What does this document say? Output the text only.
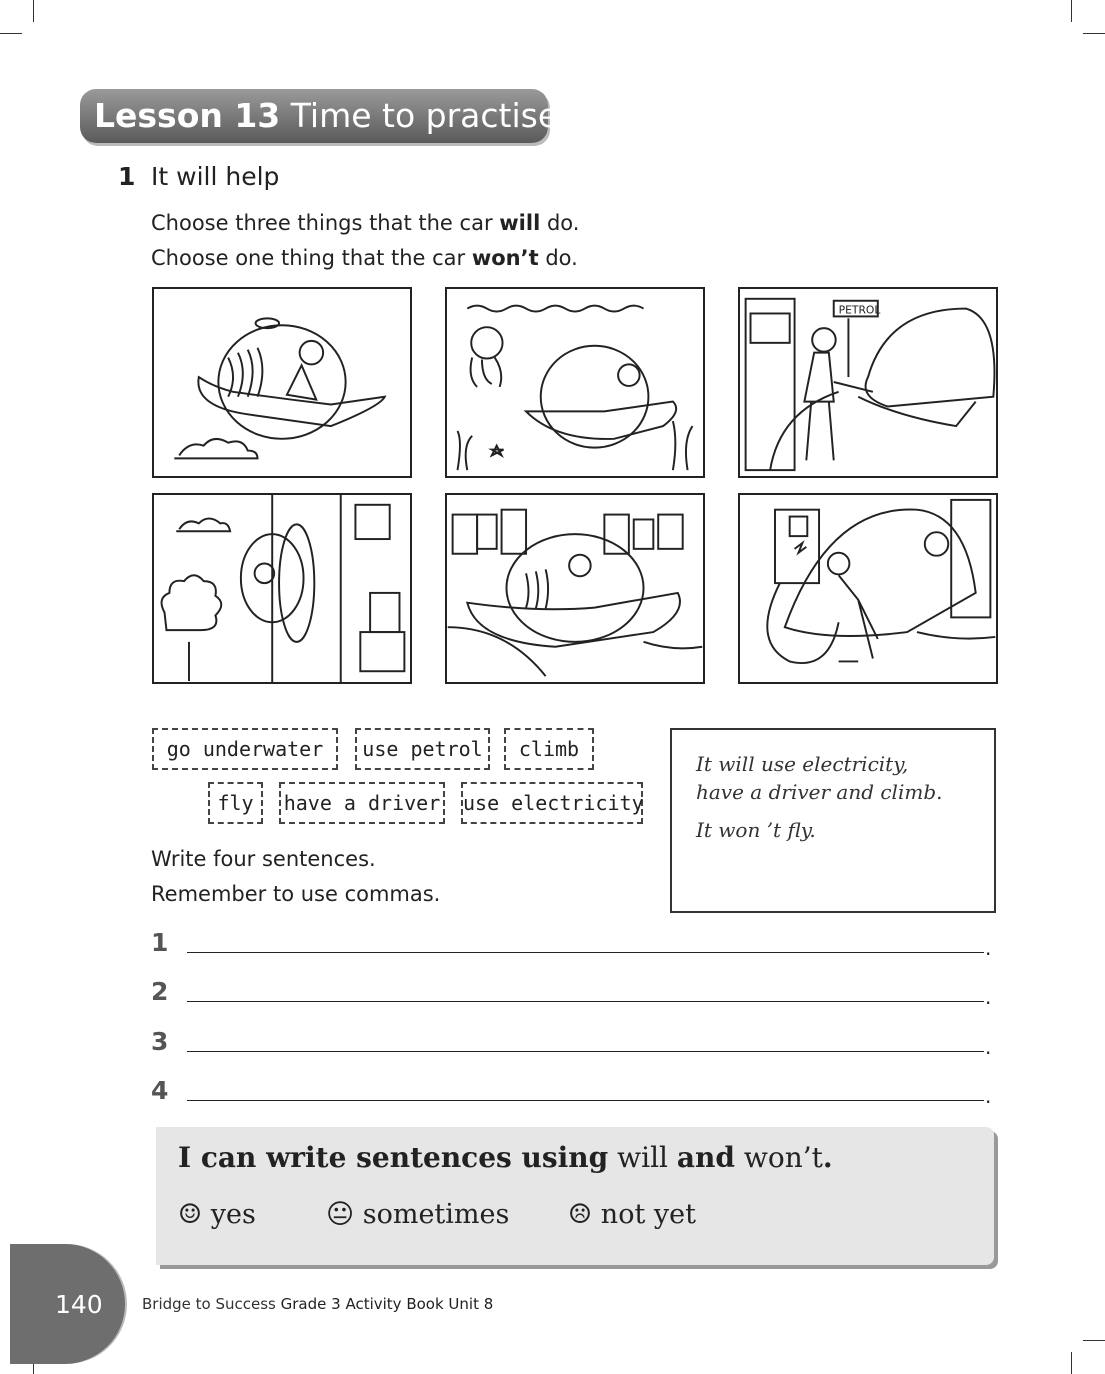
Lesson 13 Time to practise
1 It will help
Choose three things that the car will do.
Choose one thing that the car won’t do.
PETROL
go underwater	use petrol	climb
fly	have a driver use electricity

It will use electricity,
have a driver and climb.

It won ’t fly.

Write four sentences.
Remember to use commas.
1	.
2	.
3	.
4	.
I can write sentences using will and won’t.
☺ yes	😐︎ sometimes ☹ not yet
140	Bridge to Success Grade 3 Activity Book Unit 8
